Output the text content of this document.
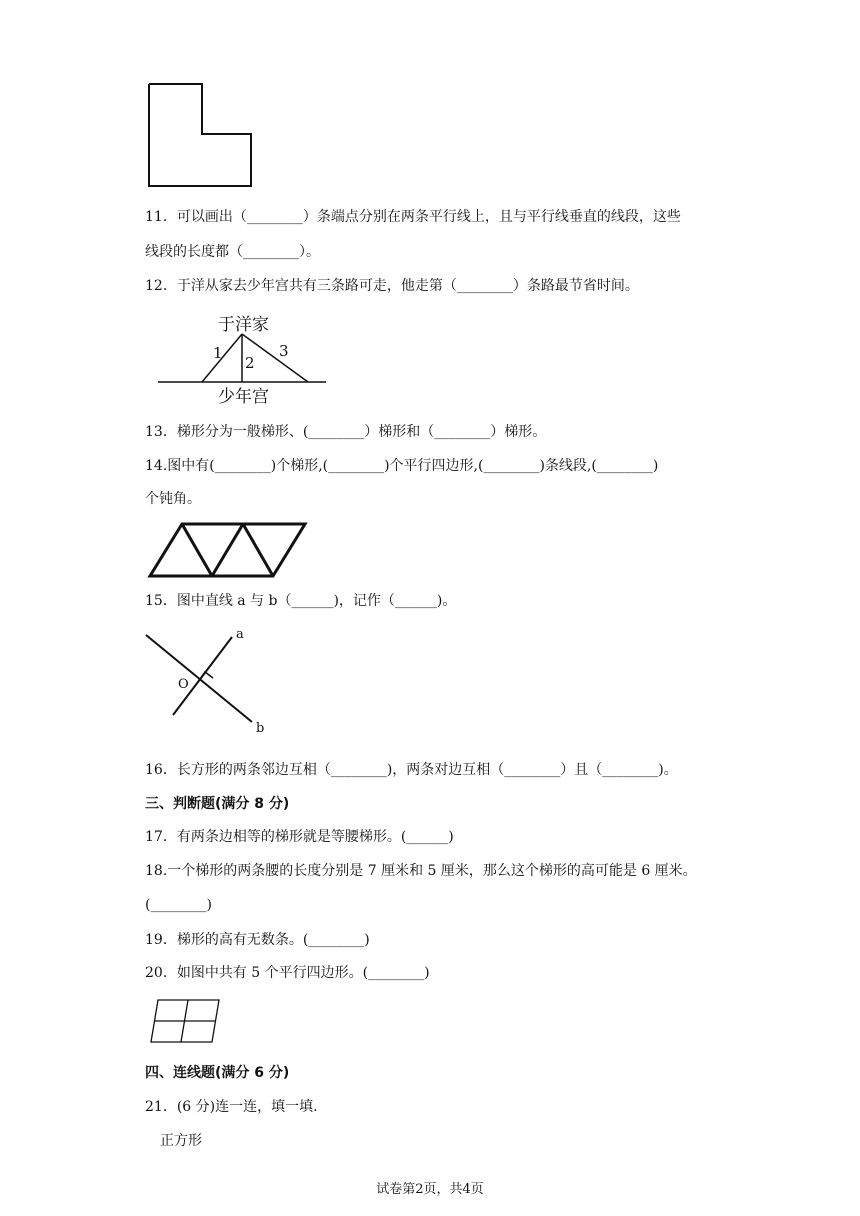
11．可以画出（________）条端点分别在两条平行线上，且与平行线垂直的线段，这些
线段的长度都（________）。
12．于洋从家去少年宫共有三条路可走，他走第（________）条路最节省时间。
于洋家
1
2
3
少年宫
13．梯形分为一般梯形、(________）梯形和（________）梯形。
14.图中有(________)个梯形,(________)个平行四边形,(________)条线段,(________)
个钝角。
15．图中直线 a 与 b（______)，记作（______)。
a
b
O
16．长方形的两条邻边互相（________)，两条对边互相（________）且（________)。
三、判断题(满分 8 分)
17．有两条边相等的梯形就是等腰梯形。(______)
18.一个梯形的两条腰的长度分别是 7 厘米和 5 厘米，那么这个梯形的高可能是 6 厘米。
(________)
19．梯形的高有无数条。(________)
20．如图中共有 5 个平行四边形。(________)
四、连线题(满分 6 分)
21．(6 分)连一连，填一填.
正方形
试卷第2页，共4页
